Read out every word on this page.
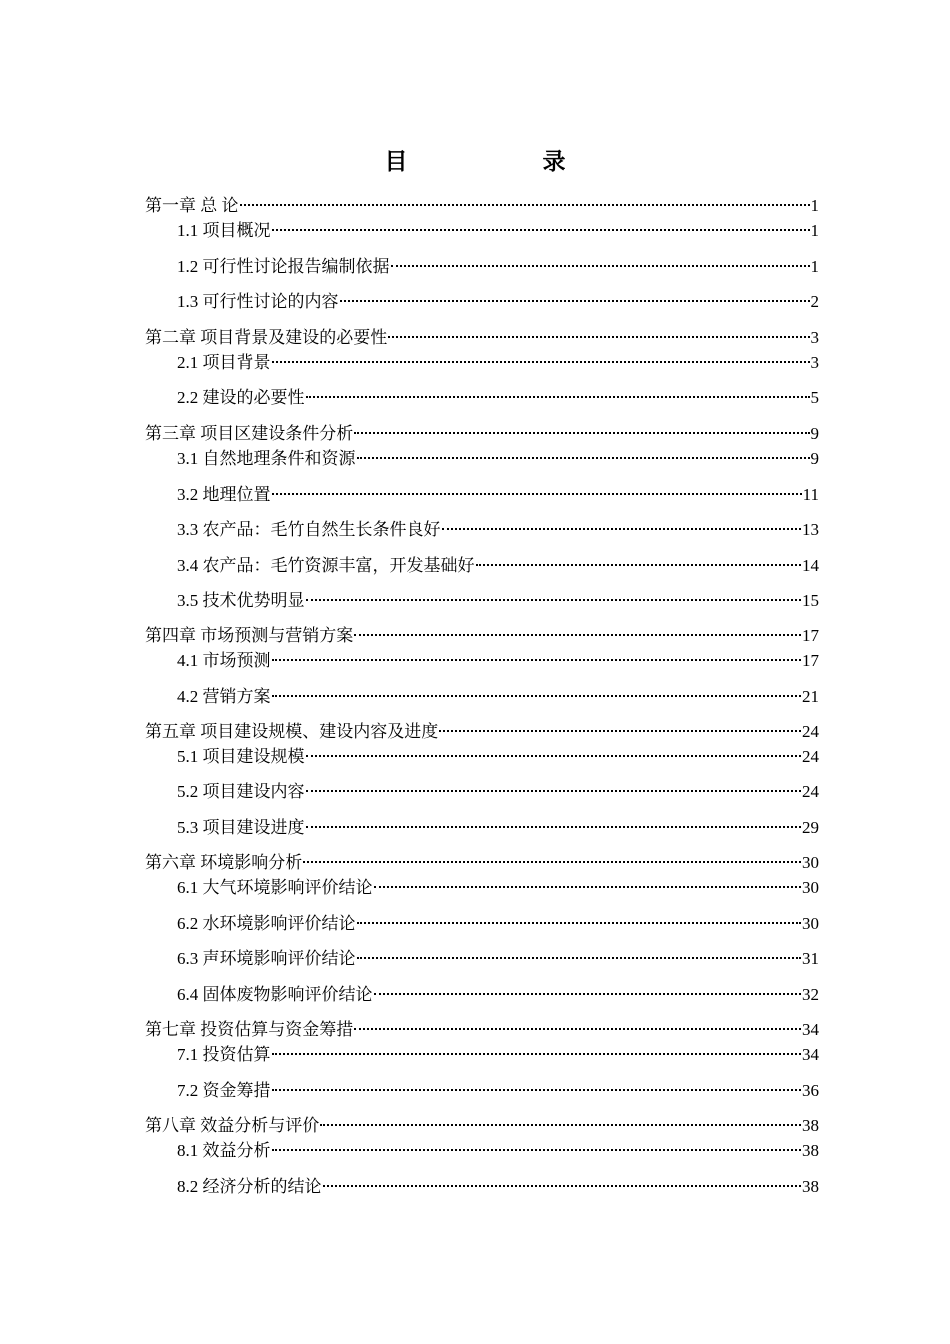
目　录
第一章 总 论	1
1.1 项目概况	1
1.2 可行性讨论报告编制依据	1
1.3 可行性讨论的内容	2
第二章 项目背景及建设的必要性	3
2.1 项目背景	3
2.2 建设的必要性	5
第三章 项目区建设条件分析	9
3.1 自然地理条件和资源	9
3.2 地理位置	11
3.3 农产品：毛竹自然生长条件良好	13
3.4 农产品：毛竹资源丰富，开发基础好	14
3.5 技术优势明显	15
第四章 市场预测与营销方案	17
4.1 市场预测	17
4.2 营销方案	21
第五章 项目建设规模、建设内容及进度	24
5.1 项目建设规模	24
5.2 项目建设内容	24
5.3 项目建设进度	29
第六章 环境影响分析	30
6.1 大气环境影响评价结论	30
6.2 水环境影响评价结论	30
6.3 声环境影响评价结论	31
6.4 固体废物影响评价结论	32
第七章 投资估算与资金筹措	34
7.1 投资估算	34
7.2 资金筹措	36
第八章 效益分析与评价	38
8.1 效益分析	38
8.2 经济分析的结论	38
